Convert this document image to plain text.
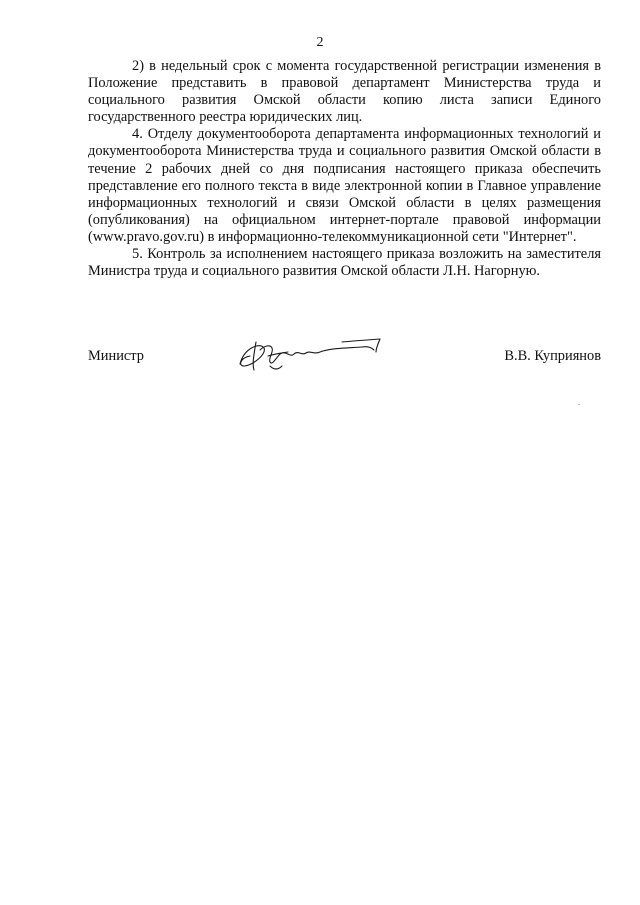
2

2) в недельный срок с момента государственной регистрации изменения в Положение представить в правовой департамент Министерства труда и социального развития Омской области копию листа записи Единого государственного реестра юридических лиц.

4. Отделу документооборота департамента информационных технологий и документооборота Министерства труда и социального развития Омской области в течение 2 рабочих дней со дня подписания настоящего приказа обеспечить представление его полного текста в виде электронной копии в Главное управление информационных технологий и связи Омской области в целях размещения (опубликования) на официальном интернет-портале правовой информации (www.pravo.gov.ru) в информационно-телекоммуникационной сети "Интернет".

5. Контроль за исполнением настоящего приказа возложить на заместителя Министра труда и социального развития Омской области Л.Н. Нагорную.

Министр	В.В. Куприянов
